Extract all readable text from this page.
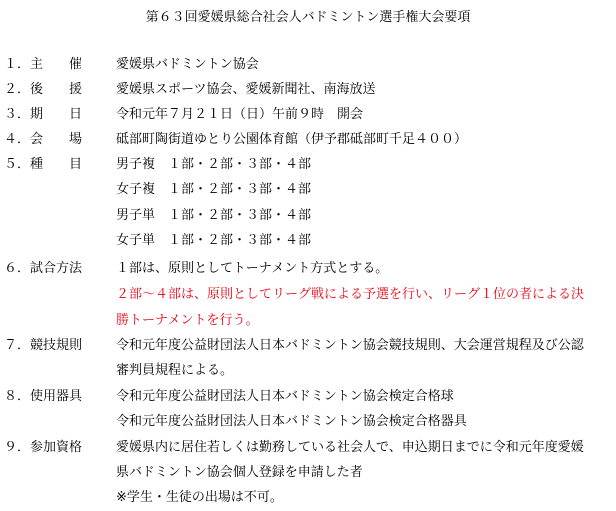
第６３回愛媛県総合社会人バドミントン選手権大会要項
１． 主　　催	愛媛県バドミントン協会
２． 後　　援	愛媛県スポーツ協会、愛媛新聞社、南海放送
３． 期　　日	令和元年７月２１日（日）午前９時　開会
４． 会　　場	砥部町陶街道ゆとり公園体育館（伊予郡砥部町千足４００）
５． 種　　目	男子複　１部・２部・３部・４部
女子複　１部・２部・３部・４部
男子単　１部・２部・３部・４部
女子単　１部・２部・３部・４部
６． 試合方法	１部は、原則としてトーナメント方式とする。
２部～４部は、原則としてリーグ戦による予選を行い、リーグ１位の者による決
勝トーナメントを行う。
７． 競技規則	令和元年度公益財団法人日本バドミントン協会競技規則、大会運営規程及び公認
審判員規程による。
８． 使用器具	令和元年度公益財団法人日本バドミントン協会検定合格球
令和元年度公益財団法人日本バドミントン協会検定合格器具
９． 参加資格	愛媛県内に居住若しくは勤務している社会人で、申込期日までに令和元年度愛媛
県バドミントン協会個人登録を申請した者
※学生・生徒の出場は不可。
